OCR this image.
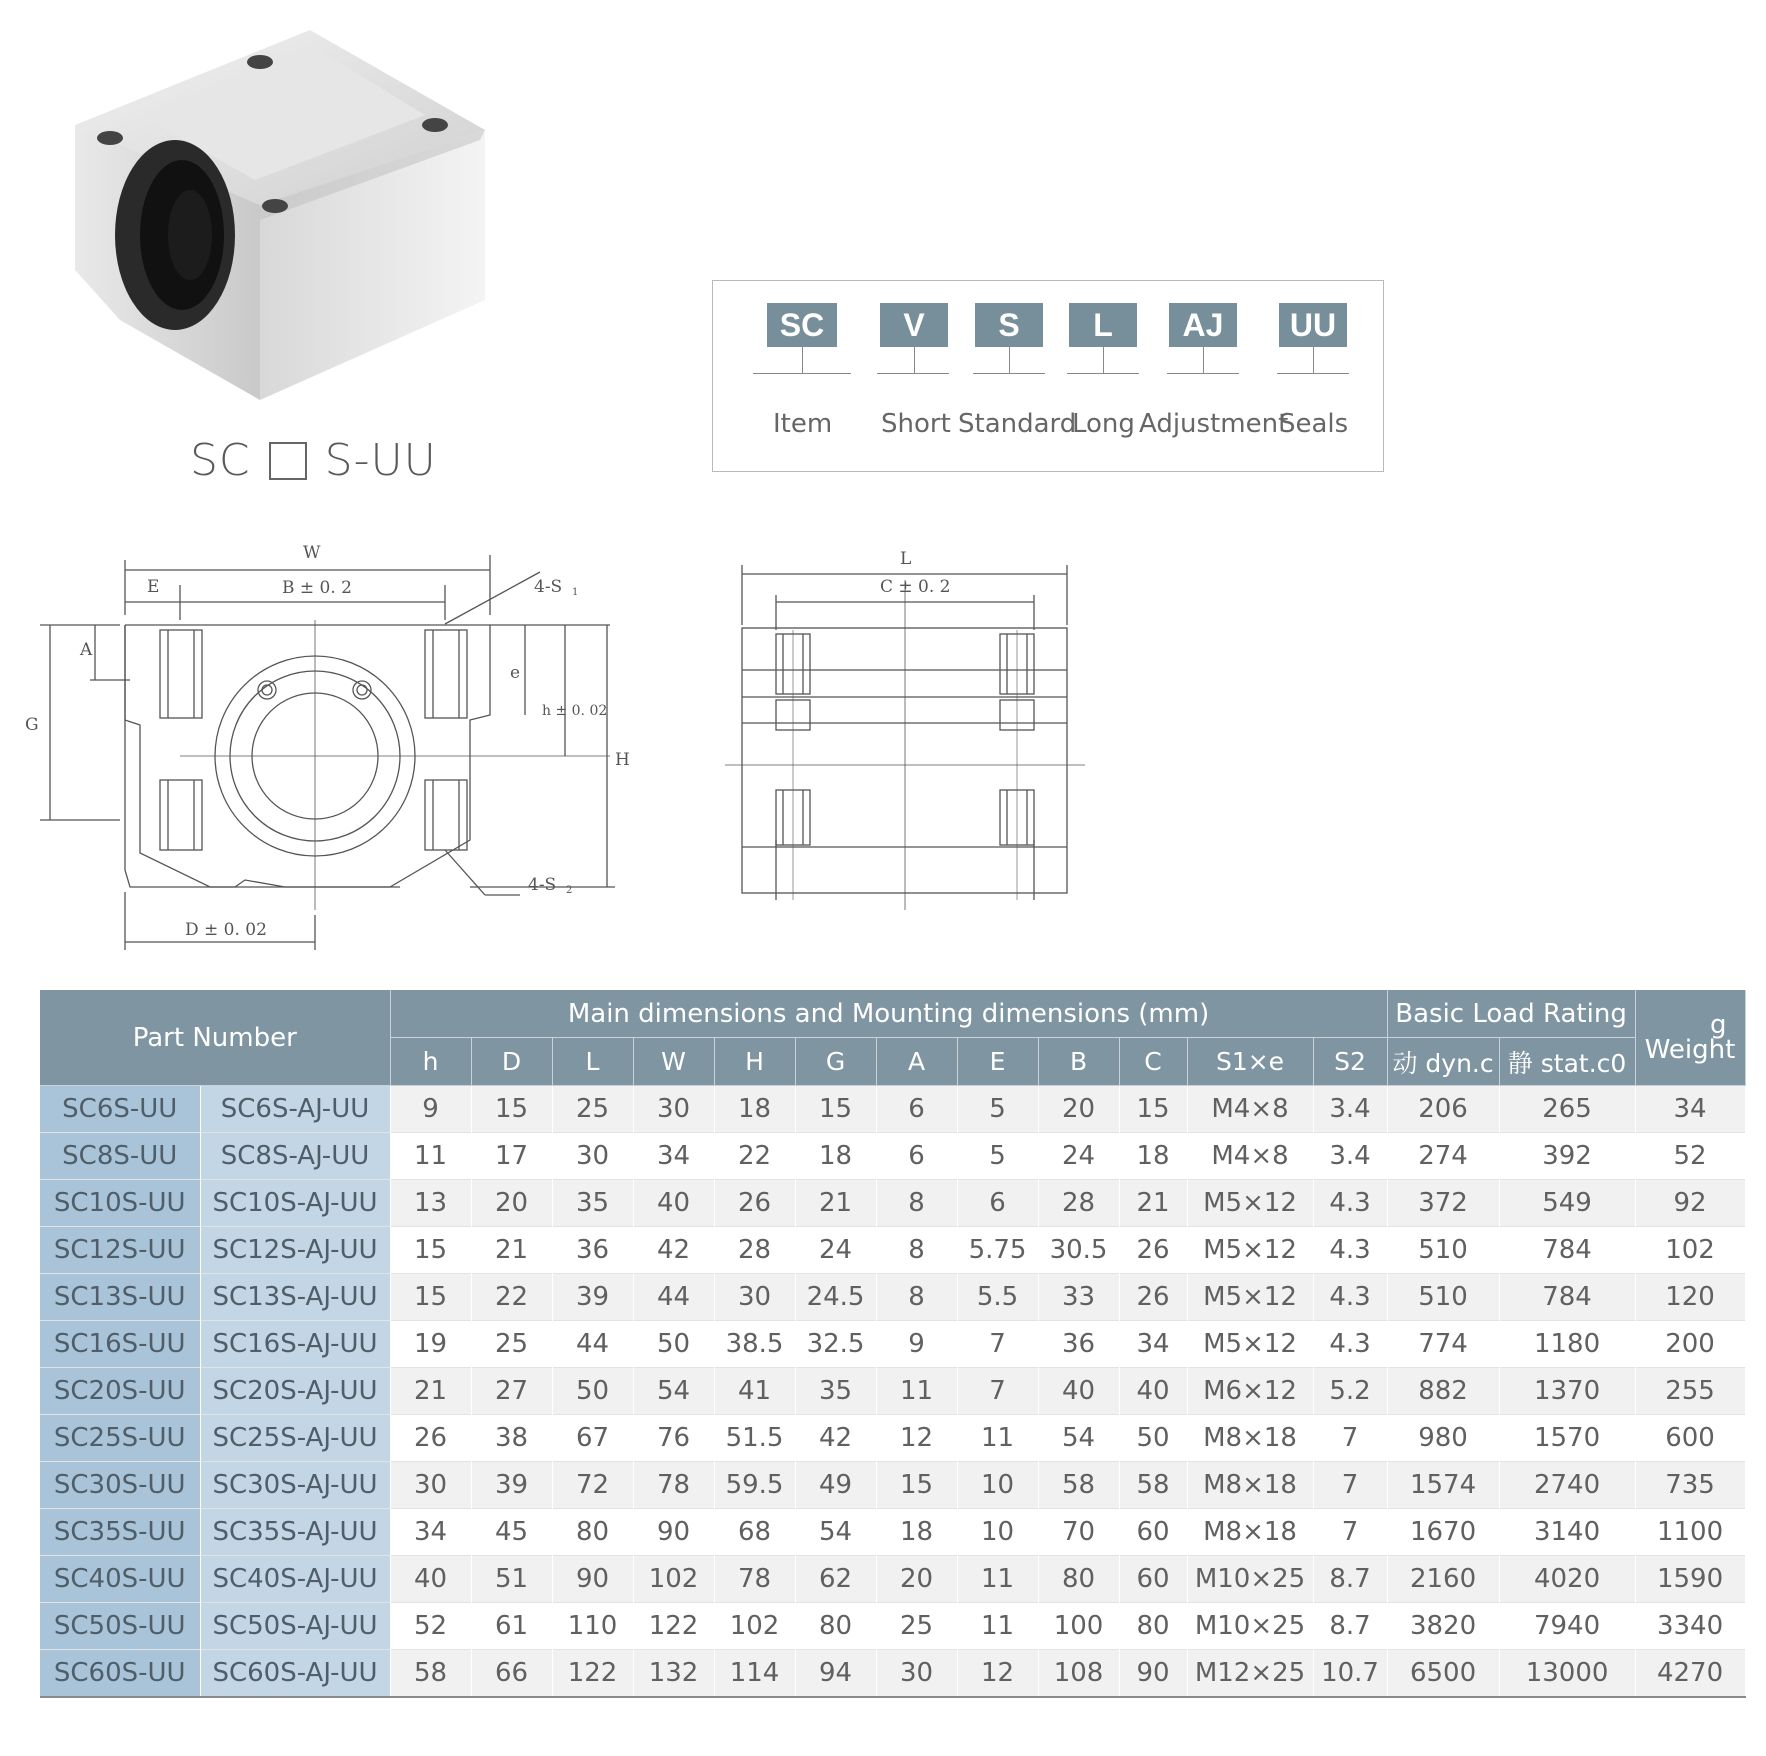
SC S-UU
SC	V	S	L	AJ	UU
Item Short Standard
Long Adjustment
Seals
W
E	B ± 0. 2	4-S 1
A
G
e
h ± 0. 02
H
4-S 2
D ± 0. 02
L
C ± 0. 2
Part Number		Main dimensions and Mounting dimensions (mm)												Basic Load Rating		g
Weight

		h	D	L	W	H	G	A	E	B	C	S1×e	S2	动 dyn.c	静 stat.c0	
SC6S-UU	SC6S-AJ-UU	9	15	25	30	18	15	6	5	20	15	M4×8	3.4	206	265	34
SC8S-UU	SC8S-AJ-UU	11	17	30	34	22	18	6	5	24	18	M4×8	3.4	274	392	52
SC10S-UU	SC10S-AJ-UU	13	20	35	40	26	21	8	6	28	21	M5×12	4.3	372	549	92
SC12S-UU	SC12S-AJ-UU	15	21	36	42	28	24	8	5.75	30.5	26	M5×12	4.3	510	784	102
SC13S-UU	SC13S-AJ-UU	15	22	39	44	30	24.5	8	5.5	33	26	M5×12	4.3	510	784	120
SC16S-UU	SC16S-AJ-UU	19	25	44	50	38.5	32.5	9	7	36	34	M5×12	4.3	774	1180	200
SC20S-UU	SC20S-AJ-UU	21	27	50	54	41	35	11	7	40	40	M6×12	5.2	882	1370	255
SC25S-UU	SC25S-AJ-UU	26	38	67	76	51.5	42	12	11	54	50	M8×18	7	980	1570	600
SC30S-UU	SC30S-AJ-UU	30	39	72	78	59.5	49	15	10	58	58	M8×18	7	1574	2740	735
SC35S-UU	SC35S-AJ-UU	34	45	80	90	68	54	18	10	70	60	M8×18	7	1670	3140	1100
SC40S-UU	SC40S-AJ-UU	40	51	90	102	78	62	20	11	80	60	M10×25	8.7	2160	4020	1590
SC50S-UU	SC50S-AJ-UU	52	61	110	122	102	80	25	11	100	80	M10×25	8.7	3820	7940	3340
SC60S-UU	SC60S-AJ-UU	58	66	122	132	114	94	30	12	108	90	M12×25	10.7	6500	13000	4270
